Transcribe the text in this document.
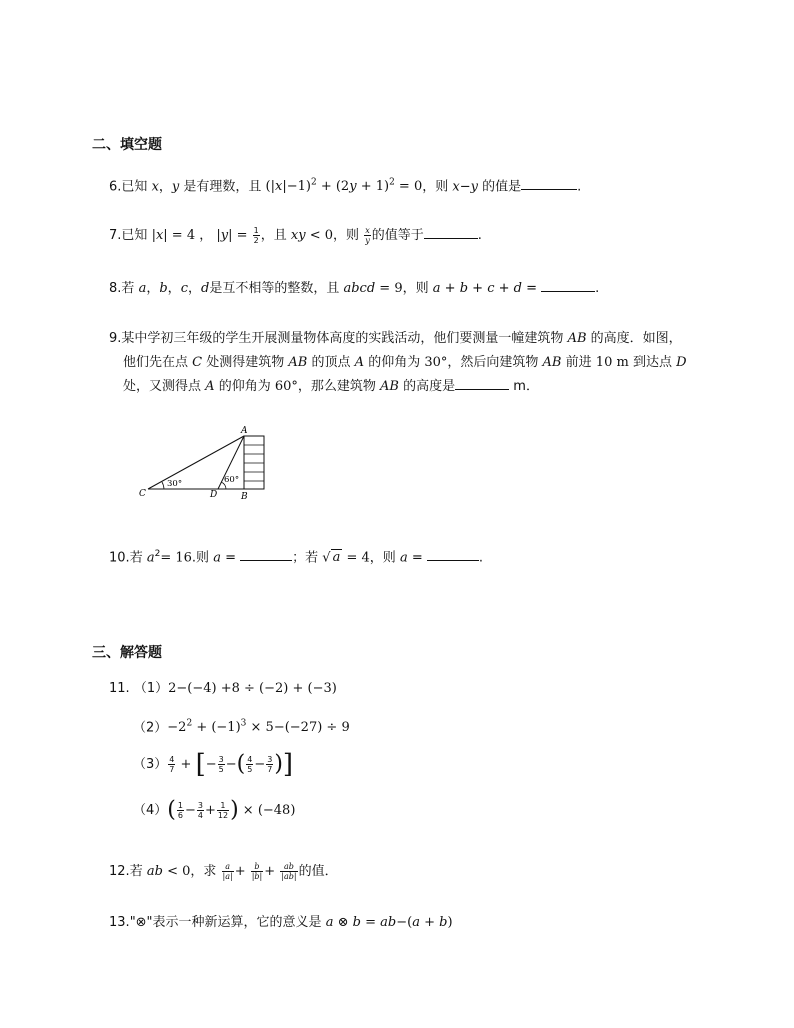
二、填空题
6.已知 x，y 是有理数，且 $(|x|-1)^2 + (2y + 1)^2 = 0$，则 x−y 的值是	.
7.已知 |x| = 4 ， $|y| = \frac{1}{2}$ ，且 xy < 0，则 $\frac{x}{y}$ 的值等于	.
8.若 a，b，c，d是互不相等的整数，且 abcd = 9，则 a + b + c + d =	.
9.某中学初三年级的学生开展测量物体高度的实践活动，他们要测量一幢建筑物 AB 的高度．如图，
他们先在点 C 处测得建筑物 AB 的顶点 A 的仰角为 30°，然后向建筑物 AB 前进 10 m 到达点 D
处，又测得点 A 的仰角为 60°，那么建筑物 AB 的高度是	m．
A
B
C	D
30°	60°
10.若 $a^2= 16$.则 a =	；若 √ a = 4，则 a =	.
三、解答题
11. （1）2−(−4) +8 ÷ (−2) + (−3)
$(2)-2^2 + (-1)^3 \times 5-(-27) \div 9$
$(3) \frac{4}{7}$ + [− $\frac{3}{5}$ −( $\frac{4}{5} - \frac{3}{7}$ )]
$(4)( \frac{1}{6} - \frac{3}{4} + \frac{1}{12}$ ) × (−48)
12.若 ab < 0，求 $\frac{a}{|a|} + \frac{b}{|b|} + \frac{ab}{|ab|}$ 的值．
13."⊗"表示一种新运算，它的意义是 a ⊗ b = ab−(a + b)
